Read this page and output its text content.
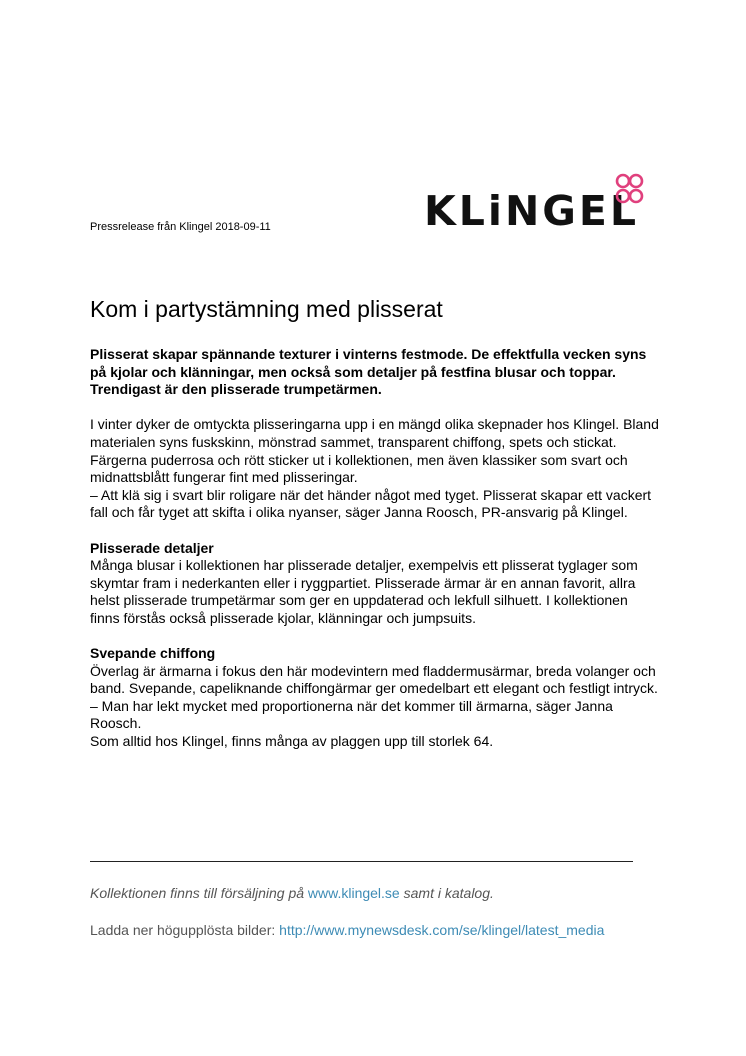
Pressrelease från Klingel 2018-09-11	KLiNGEL
Kom i partystämning med plisserat

Plisserat skapar spännande texturer i vinterns festmode. De effektfulla vecken syns på kjolar och klänningar, men också som detaljer på festfina blusar och toppar. Trendigast är den plisserade trumpetärmen.

I vinter dyker de omtyckta plisseringarna upp i en mängd olika skepnader hos Klingel. Bland materialen syns fuskskinn, mönstrad sammet, transparent chiffong, spets och stickat. Färgerna puderrosa och rött sticker ut i kollektionen, men även klassiker som svart och midnattsblått fungerar fint med plisseringar.
– Att klä sig i svart blir roligare när det händer något med tyget. Plisserat skapar ett vackert fall och får tyget att skifta i olika nyanser, säger Janna Roosch, PR-ansvarig på Klingel.

Plisserade detaljer
Många blusar i kollektionen har plisserade detaljer, exempelvis ett plisserat tyglager som skymtar fram i nederkanten eller i ryggpartiet. Plisserade ärmar är en annan favorit, allra helst plisserade trumpetärmar som ger en uppdaterad och lekfull silhuett. I kollektionen finns förstås också plisserade kjolar, klänningar och jumpsuits.

Svepande chiffong
Överlag är ärmarna i fokus den här modevintern med fladdermusärmar, breda volanger och band. Svepande, capeliknande chiffongärmar ger omedelbart ett elegant och festligt intryck.
– Man har lekt mycket med proportionerna när det kommer till ärmarna, säger Janna Roosch.
Som alltid hos Klingel, finns många av plaggen upp till storlek 64.

Kollektionen finns till försäljning på www.klingel.se samt i katalog.
Ladda ner högupplösta bilder: http://www.mynewsdesk.com/se/klingel/latest_media
